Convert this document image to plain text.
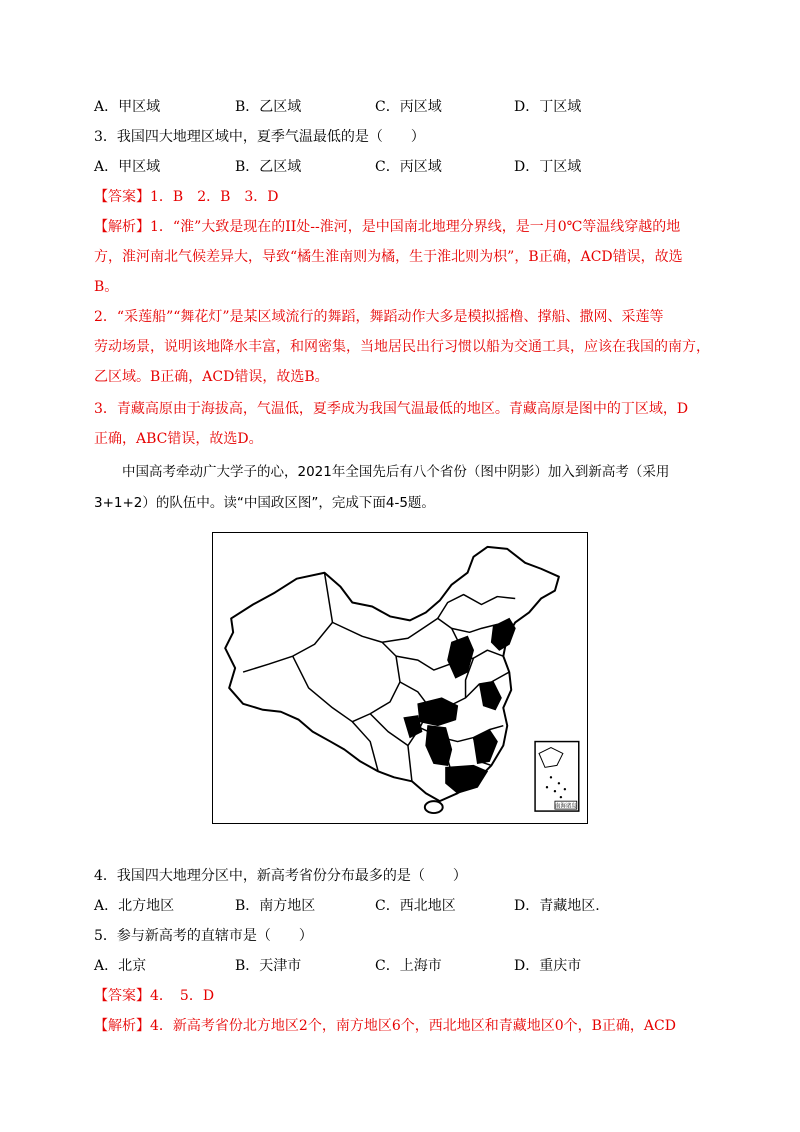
A．甲区域	B．乙区域	C．丙区域	D．丁区域
3．我国四大地理区域中，夏季气温最低的是（　　）
A．甲区域	B．乙区域	C．丙区域	D．丁区域
【答案】1．B　2．B　3．D
【解析】1．“淮”大致是现在的II处--淮河，是中国南北地理分界线，是一月0℃等温线穿越的地
方，淮河南北气候差异大，导致“橘生淮南则为橘，生于淮北则为枳”，B正确，ACD错误，故选
B。
2．“采莲船”“舞花灯”是某区域流行的舞蹈，舞蹈动作大多是模拟摇橹、撑船、撒网、采莲等
劳动场景，说明该地降水丰富，和网密集，当地居民出行习惯以船为交通工具，应该在我国的南方，
乙区域。B正确，ACD错误，故选B。
3．青藏高原由于海拔高，气温低，夏季成为我国气温最低的地区。青藏高原是图中的丁区域，D
正确，ABC错误，故选D。
中国高考牵动广大学子的心，2021年全国先后有八个省份（图中阴影）加入到新高考（采用
3+1+2）的队伍中。读“中国政区图”，完成下面4-5题。
南海诸岛
4．我国四大地理分区中，新高考省份分布最多的是（　　）
A．北方地区	B．南方地区	C．西北地区	D．青藏地区.
5．参与新高考的直辖市是（　　）
A．北京	B．天津市	C．上海市	D．重庆市
【答案】4．　5．D
【解析】4．新高考省份北方地区2个，南方地区6个，西北地区和青藏地区0个，B正确，ACD
